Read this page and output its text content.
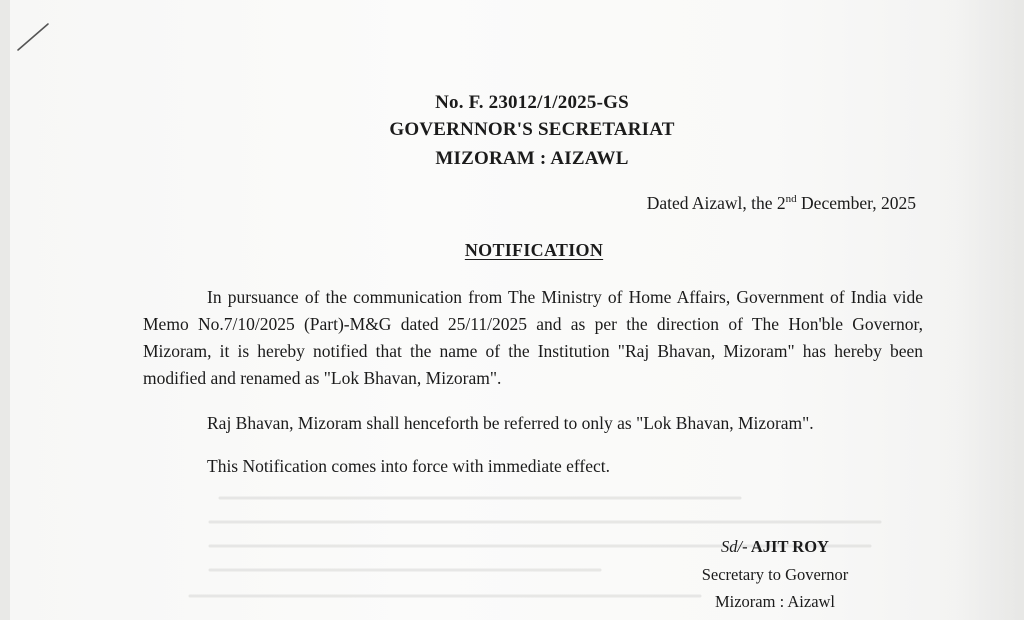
No. F. 23012/1/2025-GS
GOVERNNOR'S SECRETARIAT
MIZORAM : AIZAWL
Dated Aizawl, the 2nd December, 2025
NOTIFICATION
In pursuance of the communication from The Ministry of Home Affairs, Government of India vide Memo No.7/10/2025 (Part)-M&G dated 25/11/2025 and as per the direction of The Hon'ble Governor, Mizoram, it is hereby notified that the name of the Institution "Raj Bhavan, Mizoram" has hereby been modified and renamed as "Lok Bhavan, Mizoram".
Raj Bhavan, Mizoram shall henceforth be referred to only as "Lok Bhavan, Mizoram".
This Notification comes into force with immediate effect.
Sd/- AJIT ROY
Secretary to Governor
Mizoram : Aizawl
